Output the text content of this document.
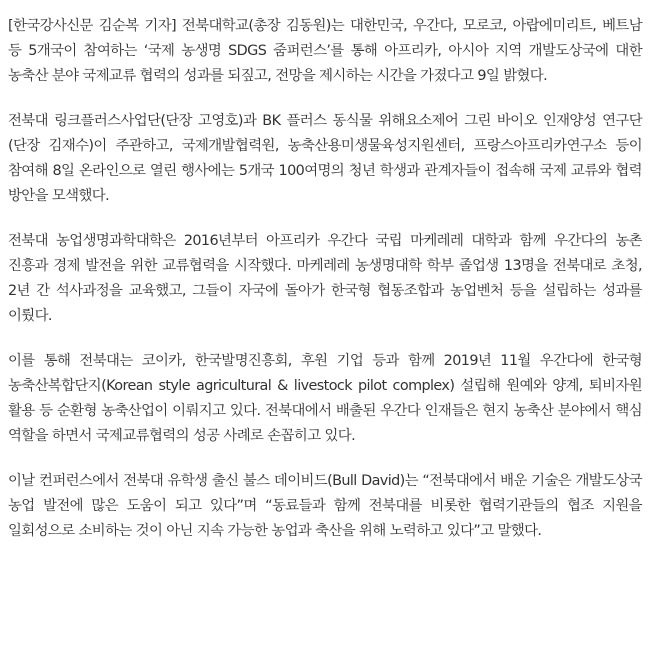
[한국강사신문 김순복 기자] 전북대학교(총장 김동원)는 대한민국, 우간다, 모로코, 아랍에미리트, 베트남 등 5개국이 참여하는 ‘국제 농생명 SDGS 줌퍼런스’를 통해 아프리카, 아시아 지역 개발도상국에 대한 농축산 분야 국제교류 협력의 성과를 되짚고, 전망을 제시하는 시간을 가졌다고 9일 밝혔다.

전북대 링크플러스사업단(단장 고영호)과 BK 플러스 동식물 위해요소제어 그린 바이오 인재양성 연구단(단장 김재수)이 주관하고, 국제개발협력원, 농축산용미생물육성지원센터, 프랑스아프리카연구소 등이 참여해 8일 온라인으로 열린 행사에는 5개국 100여명의 청년 학생과 관계자들이 접속해 국제 교류와 협력 방안을 모색했다.

전북대 농업생명과학대학은 2016년부터 아프리카 우간다 국립 마케레레 대학과 함께 우간다의 농촌 진흥과 경제 발전을 위한 교류협력을 시작했다. 마케레레 농생명대학 학부 졸업생 13명을 전북대로 초청, 2년 간 석사과정을 교육했고, 그들이 자국에 돌아가 한국형 협동조합과 농업벤처 등을 설립하는 성과를 이뤘다.

이를 통해 전북대는 코이카, 한국발명진흥회, 후원 기업 등과 함께 2019년 11월 우간다에 한국형 농축산복합단지(Korean style agricultural & livestock pilot complex) 설립해 원예와 양계, 퇴비자원 활용 등 순환형 농축산업이 이뤄지고 있다. 전북대에서 배출된 우간다 인재들은 현지 농축산 분야에서 핵심 역할을 하면서 국제교류협력의 성공 사례로 손꼽히고 있다.

이날 컨퍼런스에서 전북대 유학생 출신 불스 데이비드(Bull David)는 “전북대에서 배운 기술은 개발도상국 농업 발전에 많은 도움이 되고 있다”며 “동료들과 함께 전북대를 비롯한 협력기관들의 협조 지원을 일회성으로 소비하는 것이 아닌 지속 가능한 농업과 축산을 위해 노력하고 있다”고 말했다.
